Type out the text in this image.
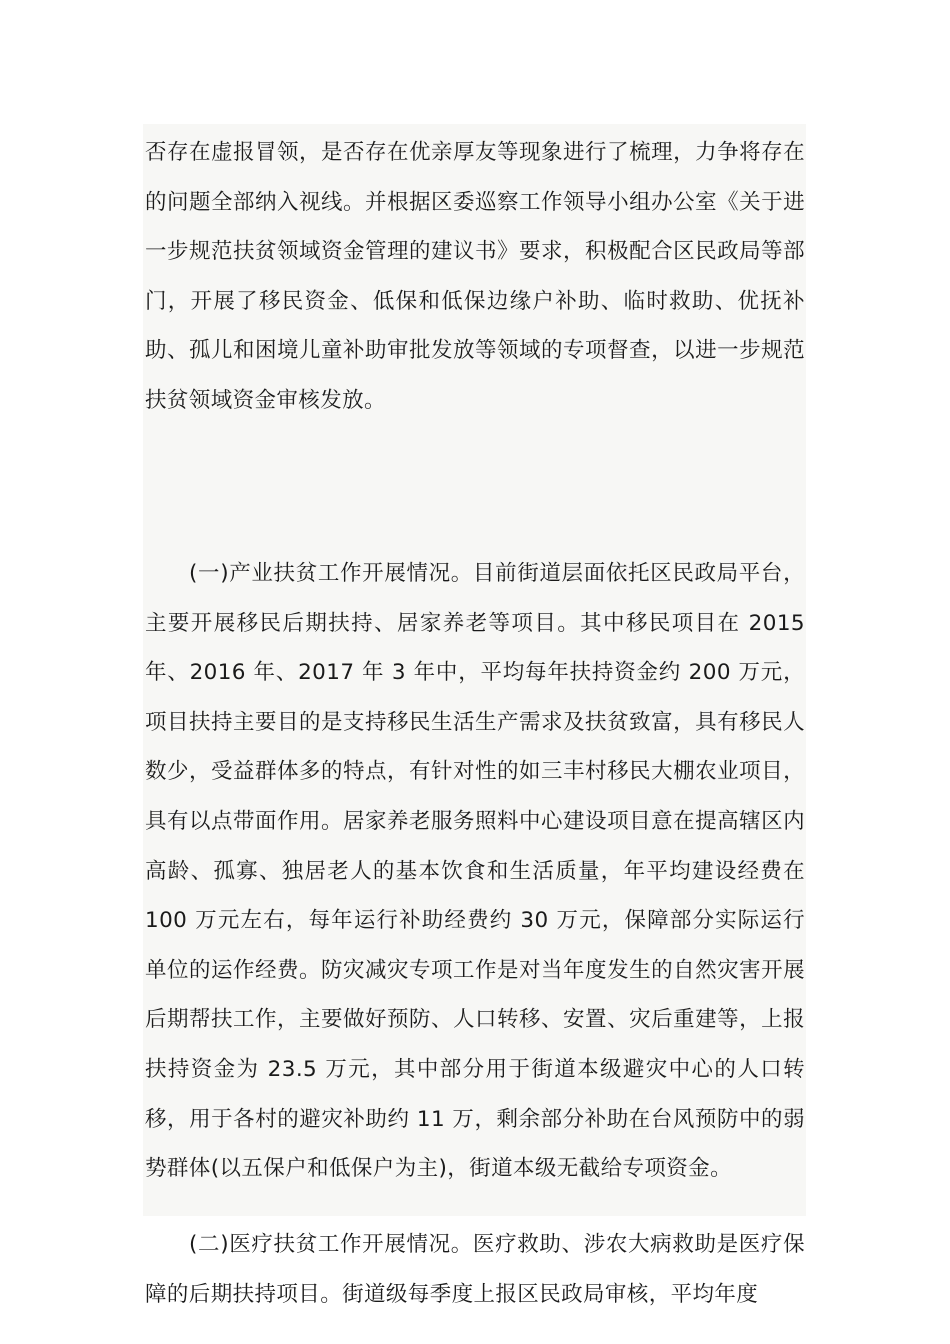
否存在虚报冒领，是否存在优亲厚友等现象进行了梳理，力争将存在的问题全部纳入视线。并根据区委巡察工作领导小组办公室《关于进一步规范扶贫领域资金管理的建议书》要求，积极配合区民政局等部门，开展了移民资金、低保和低保边缘户补助、临时救助、优抚补助、孤儿和困境儿童补助审批发放等领域的专项督查，以进一步规范扶贫领域资金审核发放。

(一)产业扶贫工作开展情况。目前街道层面依托区民政局平台，主要开展移民后期扶持、居家养老等项目。其中移民项目在 2015 年、2016 年、2017 年 3 年中，平均每年扶持资金约 200 万元，项目扶持主要目的是支持移民生活生产需求及扶贫致富，具有移民人数少，受益群体多的特点，有针对性的如三丰村移民大棚农业项目，具有以点带面作用。居家养老服务照料中心建设项目意在提高辖区内高龄、孤寡、独居老人的基本饮食和生活质量，年平均建设经费在 100 万元左右，每年运行补助经费约 30 万元，保障部分实际运行单位的运作经费。防灾减灾专项工作是对当年度发生的自然灾害开展后期帮扶工作，主要做好预防、人口转移、安置、灾后重建等，上报扶持资金为 23.5 万元，其中部分用于街道本级避灾中心的人口转移，用于各村的避灾补助约 11 万，剩余部分补助在台风预防中的弱势群体(以五保户和低保户为主)，街道本级无截给专项资金。

(二)医疗扶贫工作开展情况。医疗救助、涉农大病救助是医疗保障的后期扶持项目。街道级每季度上报区民政局审核，平均年度
